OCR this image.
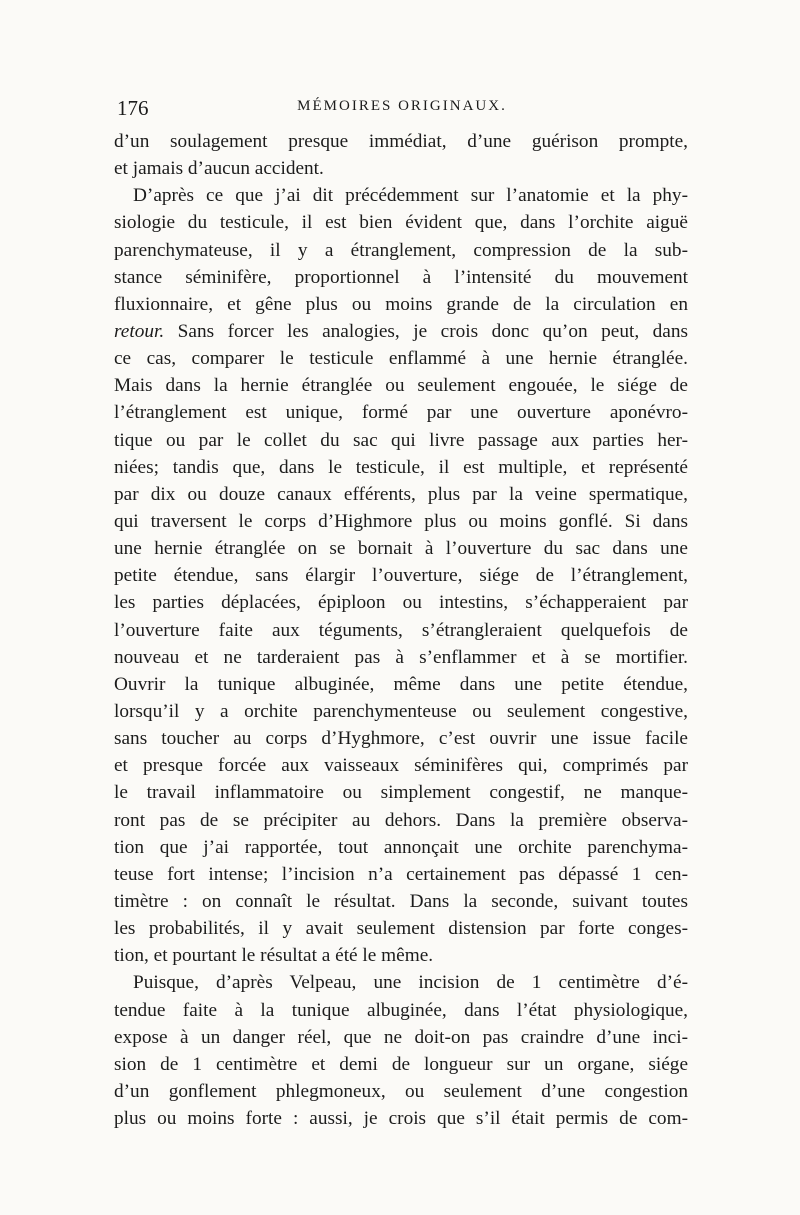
176	MÉMOIRES ORIGINAUX.
d’un soulagement presque immédiat, d’une guérison prompte,
et jamais d’aucun accident.
D’après ce que j’ai dit précédemment sur l’anatomie et la phy-
siologie du testicule, il est bien évident que, dans l’orchite aiguë
parenchymateuse, il y a étranglement, compression de la sub-
stance séminifère, proportionnel à l’intensité du mouvement
fluxionnaire, et gêne plus ou moins grande de la circulation en
retour. Sans forcer les analogies, je crois donc qu’on peut, dans
ce cas, comparer le testicule enflammé à une hernie étranglée.
Mais dans la hernie étranglée ou seulement engouée, le siége de
l’étranglement est unique, formé par une ouverture aponévro-
tique ou par le collet du sac qui livre passage aux parties her-
niées; tandis que, dans le testicule, il est multiple, et représenté
par dix ou douze canaux efférents, plus par la veine spermatique,
qui traversent le corps d’Highmore plus ou moins gonflé. Si dans
une hernie étranglée on se bornait à l’ouverture du sac dans une
petite étendue, sans élargir l’ouverture, siége de l’étranglement,
les parties déplacées, épiploon ou intestins, s’échapperaient par
l’ouverture faite aux téguments, s’étrangleraient quelquefois de
nouveau et ne tarderaient pas à s’enflammer et à se mortifier.
Ouvrir la tunique albuginée, même dans une petite étendue,
lorsqu’il y a orchite parenchymenteuse ou seulement congestive,
sans toucher au corps d’Hyghmore, c’est ouvrir une issue facile
et presque forcée aux vaisseaux séminifères qui, comprimés par
le travail inflammatoire ou simplement congestif, ne manque-
ront pas de se précipiter au dehors. Dans la première observa-
tion que j’ai rapportée, tout annonçait une orchite parenchyma-
teuse fort intense; l’incision n’a certainement pas dépassé 1 cen-
timètre : on connaît le résultat. Dans la seconde, suivant toutes
les probabilités, il y avait seulement distension par forte conges-
tion, et pourtant le résultat a été le même.
Puisque, d’après Velpeau, une incision de 1 centimètre d’é-
tendue faite à la tunique albuginée, dans l’état physiologique,
expose à un danger réel, que ne doit-on pas craindre d’une inci-
sion de 1 centimètre et demi de longueur sur un organe, siége
d’un gonflement phlegmoneux, ou seulement d’une congestion
plus ou moins forte : aussi, je crois que s’il était permis de com-
